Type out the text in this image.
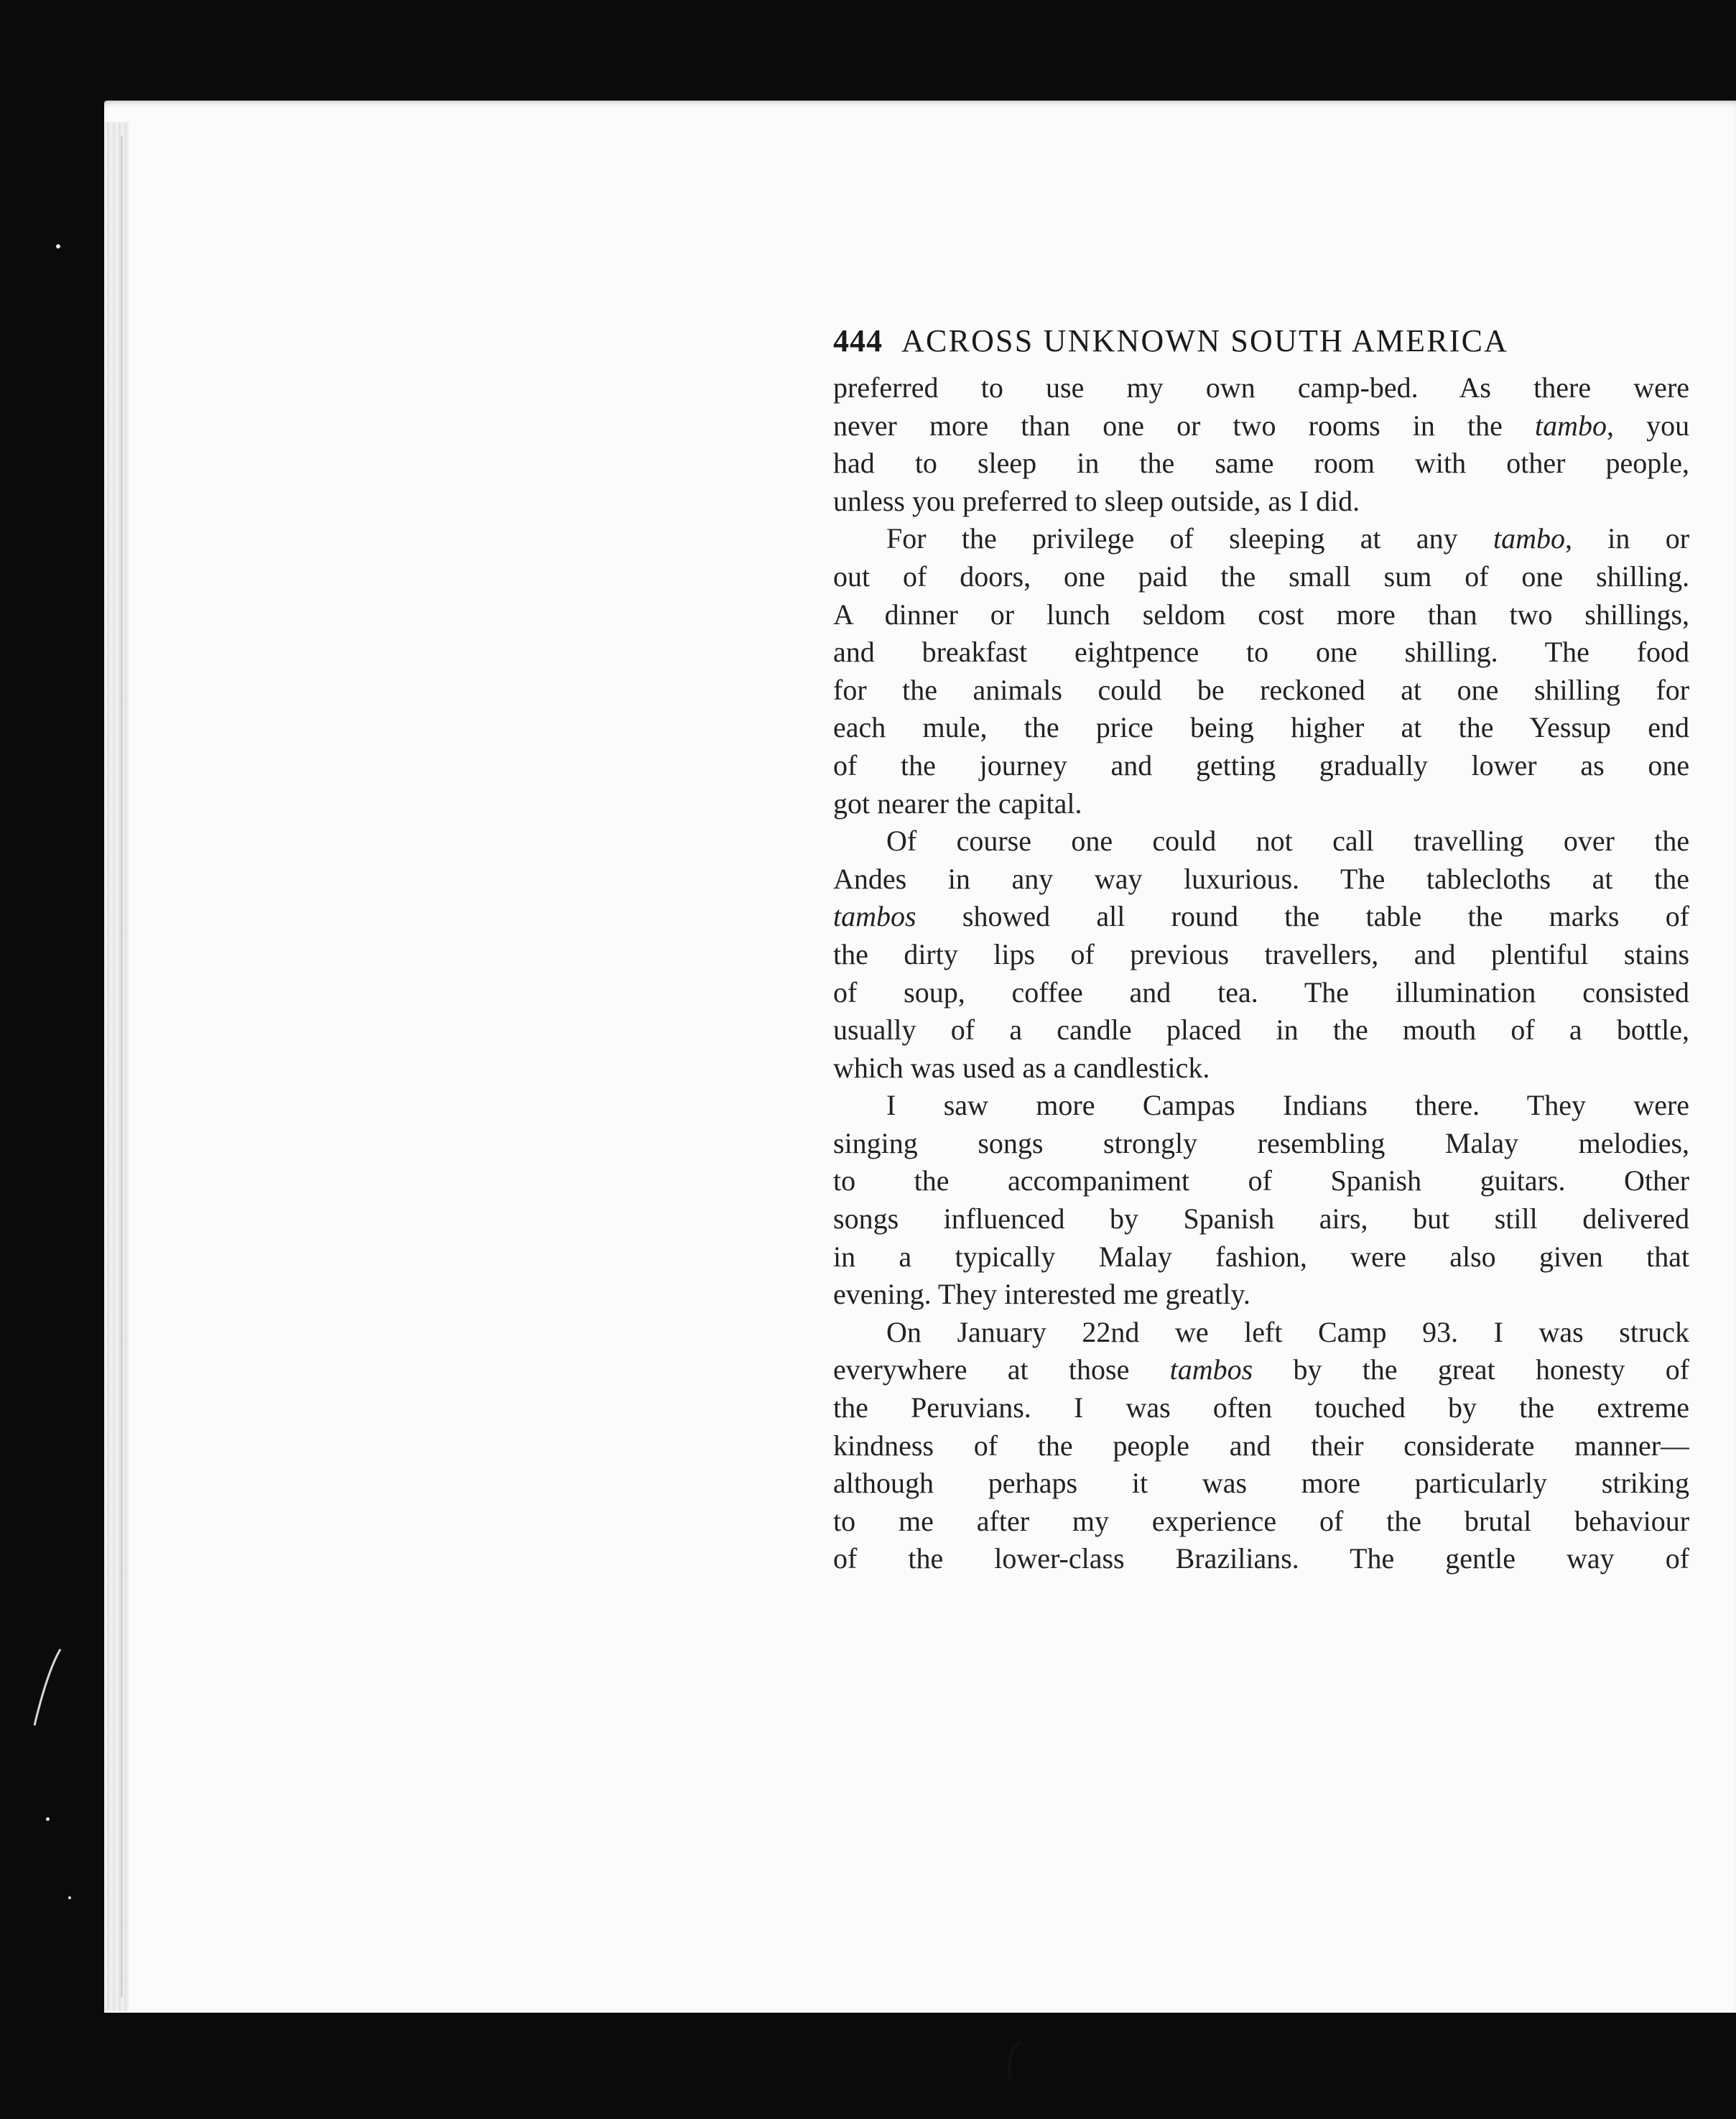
444 ACROSS UNKNOWN SOUTH AMERICA
preferred to use my own camp-bed. As there were
never more than one or two rooms in the tambo, you
had to sleep in the same room with other people,
unless you preferred to sleep outside, as I did.
For the privilege of sleeping at any tambo, in or
out of doors, one paid the small sum of one shilling.
A dinner or lunch seldom cost more than two shillings,
and breakfast eightpence to one shilling. The food
for the animals could be reckoned at one shilling for
each mule, the price being higher at the Yessup end
of the journey and getting gradually lower as one
got nearer the capital.
Of course one could not call travelling over the
Andes in any way luxurious. The tablecloths at the
tambos showed all round the table the marks of
the dirty lips of previous travellers, and plentiful stains
of soup, coffee and tea. The illumination consisted
usually of a candle placed in the mouth of a bottle,
which was used as a candlestick.
I saw more Campas Indians there. They were
singing songs strongly resembling Malay melodies,
to the accompaniment of Spanish guitars. Other
songs influenced by Spanish airs, but still delivered
in a typically Malay fashion, were also given that
evening. They interested me greatly.
On January 22nd we left Camp 93. I was struck
everywhere at those tambos by the great honesty of
the Peruvians. I was often touched by the extreme
kindness of the people and their considerate manner—
although perhaps it was more particularly striking
to me after my experience of the brutal behaviour
of the lower-class Brazilians. The gentle way of
